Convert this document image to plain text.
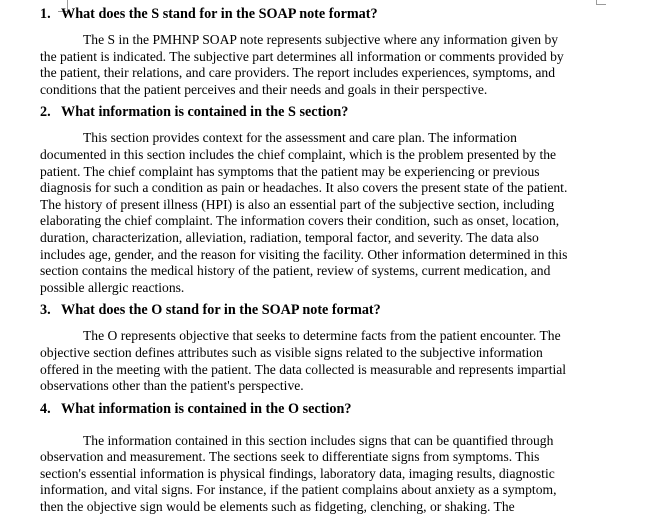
1. What does the S stand for in the SOAP note format?
The S in the PMHNP SOAP note represents subjective where any information given by
the patient is indicated. The subjective part determines all information or comments provided by
the patient, their relations, and care providers. The report includes experiences, symptoms, and
conditions that the patient perceives and their needs and goals in their perspective.
2. What information is contained in the S section?
This section provides context for the assessment and care plan. The information
documented in this section includes the chief complaint, which is the problem presented by the
patient. The chief complaint has symptoms that the patient may be experiencing or previous
diagnosis for such a condition as pain or headaches. It also covers the present state of the patient.
The history of present illness (HPI) is also an essential part of the subjective section, including
elaborating the chief complaint. The information covers their condition, such as onset, location,
duration, characterization, alleviation, radiation, temporal factor, and severity. The data also
includes age, gender, and the reason for visiting the facility. Other information determined in this
section contains the medical history of the patient, review of systems, current medication, and
possible allergic reactions.
3. What does the O stand for in the SOAP note format?
The O represents objective that seeks to determine facts from the patient encounter. The
objective section defines attributes such as visible signs related to the subjective information
offered in the meeting with the patient. The data collected is measurable and represents impartial
observations other than the patient's perspective.
4. What information is contained in the O section?
The information contained in this section includes signs that can be quantified through
observation and measurement. The sections seek to differentiate signs from symptoms. This
section's essential information is physical findings, laboratory data, imaging results, diagnostic
information, and vital signs. For instance, if the patient complains about anxiety as a symptom,
then the objective sign would be elements such as fidgeting, clenching, or shaking. The
